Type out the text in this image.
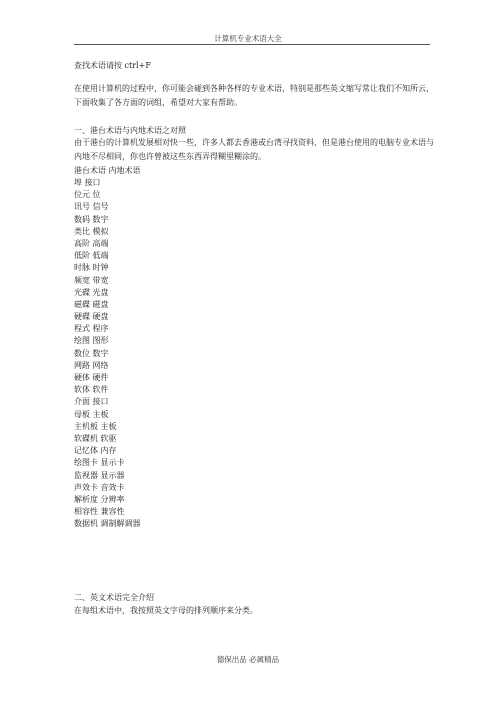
计算机专业术语大全
查找术语请按 ctrl+F
在使用计算机的过程中，你可能会碰到各种各样的专业术语，特别是那些英文缩写常让我们不知所云，下面收集了各方面的词组，希望对大家有帮助。
一、港台术语与内地术语之对照
由于港台的计算机发展相对快一些，许多人都去香港或台湾寻找资料，但是港台使用的电脑专业术语与内地不尽相同，你也许曾被这些东西弄得糊里糊涂的。
港台术语 内地术语
埠 接口
位元 位
讯号 信号
数码 数字
类比 模拟
高阶 高端
低阶 低端
时脉 时钟
频宽 带宽
光碟 光盘
磁碟 磁盘
硬碟 硬盘
程式 程序
绘图 图形
数位 数字
网路 网络
硬体 硬件
软体 软件
介面 接口
母板 主板
主机板 主板
软碟机 软驱
记忆体 内存
绘图卡 显示卡
监视器 显示器
声效卡 音效卡
解析度 分辨率
相容性 兼容性
数据机 调制解调器
二、英文术语完全介绍
在每组术语中，我按照英文字母的排列顺序来分类。
德保出品 必属精品
